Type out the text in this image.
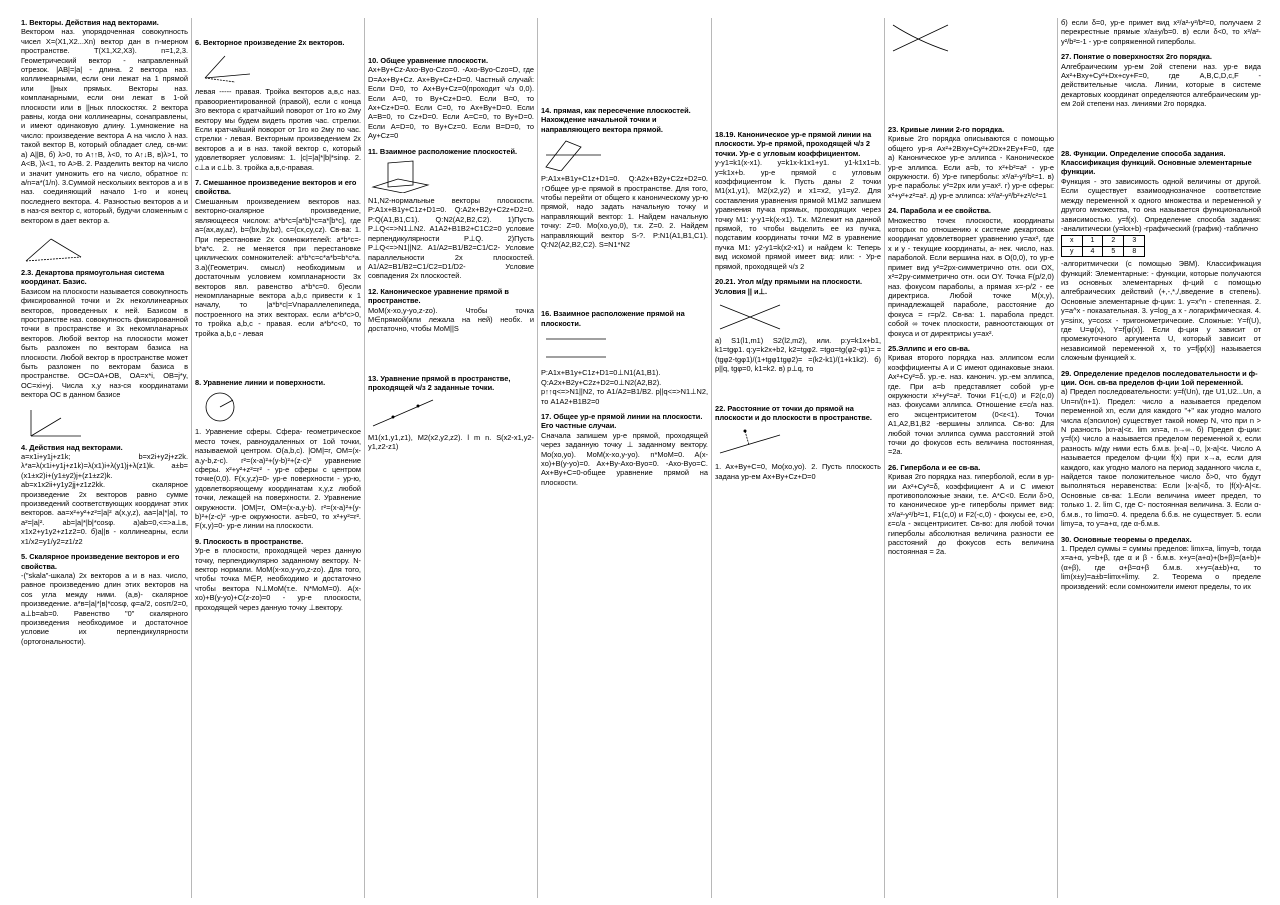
1. Векторы. Действия над векторами.
Вектором наз. упорядоченная совокупность чисел X=(X1,X2...Xn) вектор дан в n-мерном пространстве. T(X1,X2,X3). n=1,2,3. Геометрический вектор - направленный отрезок. |AB|=|a| - длина. 2 вектора наз. коллинеарными, если они лежат на 1 прямой или ||ных прямых. Векторы наз. компланарными, если они лежат в 1-ой плоскости или в ||ных плоскостях. 2 вектора равны, когда они коллинеарны, сонаправлены, и имеют одинаковую длину. 1.умножение на число: произведение вектора A на число λ наз. такой вектор B, который обладает след. св-ми: а) A||B, б) λ>0, то A↑↑B, λ<0, то A↑↓B, в)λ>1, то A<B, )λ<1, то A>B. 2. Разделить вектор на число и значит умножить его на число, обратное n: a/n=a*(1/n). 3.Суммой нескольких векторов a и в наз. соединяющий начало 1-го и конец последнего вектора. 4. Разностью векторов a и в наз-ся вектор c, который, будучи сложенным с вектором в дает вектор a.
2.3. Декартова прямоугольная система координат. Базис.
Базисом на плоскости называется совокупность фиксированной точки и 2х неколлинеарных векторов, проведенных к ней. Базисом в пространстве наз. совокупность фиксированной точки в пространстве и 3х некомпланарных векторов. Любой вектор на плоскости может быть разложен по векторам базиса на плоскости. Любой вектор в пространстве может быть разложен по векторам базиса в пространстве. OC=OA+OB, OA=x*i, OB=j*y, OC=xi+yj. Числа x,y наз-ся координатами вектора OC в данном базисе
4. Действия над векторами.
a=x1i+y1j+z1k; b=x2i+y2j+z2k. λ*a=λ(x1i+y1j+z1k)=λ(x1)i+λ(y1)j+λ(z1)k. a±b=(x1±x2)i+(y1±y2)j+(z1±z2)k. ab=x1x2ii+y1y2jj+z1z2kk. скалярное произведение 2х векторов равно сумме произведений соответствующих координат этих векторов. aa=x²+y²+z²=|a|² a(x,y,z), aa=|a|*|a|, то a²=|a|². ab=|a|*|b|*cosφ. a)ab=0,<=>a⊥в, x1x2+y1y2+z1z2=0. б)a||в - коллинеарны, если x1/x2=y1/y2=z1/z2
5. Скалярное произведение векторов и его свойства.
-("skala"-шкала) 2х векторов a и в наз. число, равное произведению длин этих векторов на cos угла между ними. (a,в)- скалярное произведение. a*в=|a|*|в|*cosφ, φ=a/2, cosπ/2=0, a⊥b=ab=0. Равенство "0" скалярного произведения необходимое и достаточное условие их перпендикулярности (ортогональности).
6. Векторное произведение 2х векторов.
левая ----- правая. Тройка векторов a,в,c наз. правоориентированной (правой), если с конца 3го вектора c кратчайший поворот от 1го ко 2му вектору мы будем видеть против час. стрелки. Если кратчайший поворот от 1го ко 2му по час. стрелки - левая. Векторным произведением 2х векторов a и в наз. такой вектор c, который удовлетворяет условиям: 1. |c|=|a|*|b|*sinφ. 2. c⊥a и c⊥b. 3. тройка a,в,c-правая.
7. Смешанное произведение векторов и его свойства.
Смешанным произведением векторов наз. векторно-скалярное произведение, являющееся числом: a*b*c=[a*b]*c=a*[b*c], где a=(ax,ay,az), b=(bx,by,bz), c=(cx,cy,cz). Св-ва: 1. При перестановке 2х сомножителей: a*b*c=-b*a*c. 2. не меняется при перестановке циклических сомножителей: a*b*c=c*a*b=b*c*a. 3.a)(Геометрич. смысл) необходимым и достаточным условием компланарности 3х векторов явл. равенство a*b*c=0. б)если некомпланарные вектора a,b,c привести к 1 началу, то |a*b*c|=Vпараллелепипеда, построенного на этих векторах. если a*b*c>0, то тройка a,b,c - правая. если a*b*c<0, то тройка a,b,c - левая
8. Уравнение линии и поверхности.
1. Уравнение сферы. Сфера- геометрическое место точек, равноудаленных от 1ой точки, называемой центром. O(a,b,c). |OM|=r, OM=(x-a,y-b,z-c). r²=(x-a)²+(y-b)²+(z-c)² уравнение сферы. x²+y²+z²=r² - ур-е сферы с центром точке(0,0). F(x,y,z)=0- ур-е поверхности - ур-ю, удовлетворяющему координатам x,y,z любой точки, лежащей на поверхности. 2. Уравнение окружности. |OM|=r, OM=(x-a,y-b). r²=(x-a)²+(y-b)²+(z-c)² -ур-е окружности. a=b=0, то x²+y²=r². F(x,y)=0- ур-е линии на плоскости.
9. Плоскость в пространстве.
Ур-е в плоскости, проходящей через данную точку, перпендикулярно заданному вектору. N-вектор нормали. MoM(x-xo,y-yo,z-zo). Для того, чтобы точка M∈P, необходимо и достаточно чтобы вектора N⊥MoM(т.е. N*MoM=0). A(x-xo)+B(y-yo)+C(z-zo)=0 - ур-е плоскости, проходящей через данную точку ⊥вектору.
10. Общее уравнение плоскости.
Ax+By+Cz-Axo-Byo-Czo=0. -Axo-Byo-Czo=D, где D=Ax+By+Cz. Ax+By+Cz+D=0. Частный случай: Если D=0, то Ax+By+Cz=0(проходит ч/з 0,0). Если A=0, то By+Cz+D=0. Если B=0, то Ax+Cz+D=0. Если C=0, то Ax+By+D=0. Если A=B=0, то Cz+D=0. Если A=C=0, то By+D=0. Если A=D=0, то By+Cz=0. Если B=D=0, то Ay+Cz=0
11. Взаимное расположение плоскостей.
N1,N2-нормальные векторы плоскости. P:A1x+B1y+C1z+D1=0. Q:A2x+B2y+C2z+D2=0. P:Q(A1,B1,C1). Q:N2(A2,B2,C2). 1)Пусть P⊥Q<=>N1⊥N2. A1A2+B1B2+C1C2=0 условие перпендикулярности P⊥Q. 2)Пусть P⊥Q<=>N1||N2. A1/A2=B1/B2=C1/C2- Условие параллельности 2х плоскостей. A1/A2=B1/B2=C1/C2=D1/D2- Условие совпадения 2х плоскостей.
12. Каноническое уравнение прямой в пространстве.
MoM(x-xo,y-yo,z-zo). Чтобы точка M∈прямой(или лежала на ней) необх. и достаточно, чтобы MoM||S
13. Уравнение прямой в пространстве, проходящей ч/з 2 заданные точки.
M1(x1,y1,z1), M2(x2,y2,z2). l m n. S(x2-x1,y2-y1,z2-z1)
14. прямая, как пересечение плоскостей. Нахождение начальной точки и направляющего вектора прямой.
P:A1x+B1y+C1z+D1=0. Q:A2x+B2y+C2z+D2=0. ↑Общее ур-е прямой в пространстве. Для того, чтобы перейти от общего к каноническому ур-ю прямой, надо задать начальную точку и направляющий вектор: 1. Найдем начальную точку: Z=0. Mo(xo,yo,0), т.к. Z=0. 2. Найдем направляющий вектор S-?. P:N1(A1,B1,C1). Q:N2(A2,B2,C2). S=N1*N2
16. Взаимное расположение прямой на плоскости.
P:A1x+B1y+C1z+D1=0⊥N1(A1,B1). Q:A2x+B2y+C2z+D2=0⊥N2(A2,B2). p↑↑q<=>N1||N2, то A1/A2=B1/B2. p||q<=>N1⊥N2, то A1A2+B1B2=0
17. Общее ур-е прямой линии на плоскости. Его частные случаи.
Сначала запишем ур-е прямой, проходящей через заданную точку ⊥ заданному вектору. Mo(xo,yo). MoM(x-xo,y-yo). n*MoM=0. A(x-xo)+B(y-yo)=0. Ax+By-Axo-Byo=0. -Axo-Byo=C. Ax+By+C=0-общее уравнение прямой на плоскости.
18.19. Каноническое ур-е прямой линии на плоскости. Ур-е прямой, проходящей ч/з 2 точки. Ур-е с угловым коэффициентом.
y-y1=k1(x-x1). y=k1x-k1x1+y1. y1-k1x1=b. y=k1x+b. ур-е прямой с угловым коэффициентом k. Пусть даны 2 точки M1(x1,y1), M2(x2,y2) и x1=x2, y1=y2. Для составления уравнения прямой M1M2 запишем уравнения пучка прямых, проходящих через точку M1: y-y1=k(x-x1). Т.к. M2лежит на данной прямой, то чтобы выделить ее из пучка, подставим координаты точки M2 в уравнение пучка M1: y2-y1=k(x2-x1) и найдем k: Теперь вид искомой прямой имеет вид: или: - Ур-е прямой, проходящей ч/з 2
20.21. Угол м/ду прямыми на плоскости. Условия || и⊥.
а) S1(l1,m1) S2(l2,m2), или. p:y=k1x+b1, k1=tgφ1. q:y=k2x+b2, k2=tgφ2. =tgα=tg(φ2-φ1)= =(tgφ2-tgφ1)/(1+tgφ1tgφ2)= =(k2-k1)/(1+k1k2). б) p||q, tgφ=0, k1=k2. в) p⊥q, то
22. Расстояние от точки до прямой на плоскости и до плоскости в пространстве.
1. Ax+By+C=0, Mo(xo,yo). 2. Пусть плоскость задана ур-ем Ax+By+Cz+D=0
23. Кривые линии 2-го порядка.
Кривые 2го порядка описываются с помощью общего ур-я Ax²+2Bxy+Cy²+2Dx+2Ey+F=0, где а) Каноническое ур-е эллипса - Каноническое ур-е эллипса. Если a=b, то x²+b²=a² - ур-е окружности. б) Ур-е гиперболы: x²/a²-y²/b²=1. в) ур-е параболы: y²=2px или y=ax². г) ур-е сферы: x²+y²+z²=a². д) ур-е эллипса: x²/a²-y²/b²+z²/c²=1
24. Парабола и ее свойства.
Множество точек плоскости, координаты которых по отношению к системе декартовых координат удовлетворяет уравнению y=ax², где x и y - текущие координаты, a- нек. число, наз. параболой. Если вершина нах. в O(0,0), то ур-е примет вид y²=2px-симметрично отн. оси OX, x²=2py-симметрично отн. оси OY. Точка F(p/2,0) наз. фокусом параболы, а прямая x=-p/2 - ее директриса. Любой точке M(x,y), принадлежащей параболе, расстояние до фокуса = r=p/2. Св-ва: 1. парабола предст. собой ∞ точек плоскости, равноотстающих от фокуса и от директрисы y=ax².
25.Эллипс и его св-ва.
Кривая второго порядка наз. эллипсом если коэффициенты A и C имеют одинаковые знаки. Ax²+Cy²=δ. ур.-е. наз. канонич. ур.-ем эллипса, где. При a=b представляет собой ур-е окружности x²+y²=a². Точки F1(-c,0) и F2(c,0) наз. фокусами эллипса. Отношение ε=c/a наз. его эксцентриситетом (0<ε<1). Точки A1,A2,B1,B2 -вершины эллипса. Св-во: Для любой точки эллипса сумма расстояний этой точки до фокусов есть величина постоянная, =2a.
26. Гипербола и ее св-ва.
Кривая 2го порядка наз. гиперболой, если в ур-ии Ax²+Cy²=δ, коэффициент A и C имеют противоположные знаки, т.е. A*C<0. Если δ>0, то каноническое ур-е гиперболы примет вид: x²/a²-y²/b²=1, F1(c,0) и F2(-c,0) - фокусы ее, ε>0, ε=c/a - эксцентриситет. Св-во: для любой точки гиперболы абсолютная величина разности ее расстояний до фокусов есть величина постоянная = 2a.
б) если δ=0, ур-е примет вид x²/a²-y²/b²=0, получаем 2 перекрестные прямые x/a±y/b=0. в) если δ<0, то x²/a²-y²/b²=-1 - ур-е сопряженной гиперболы.
27. Понятие о поверхностях 2го порядка.
Алгебраическим ур-ем 2ой степени наз. ур-е вида Ax²+Bxy+Cy²+Dx+cy+F=0, где A,B,C,D,c,F - действительные числа. Линии, которые в системе декартовых координат определяются алгебраическим ур-ем 2ой степени наз. линиями 2го порядка.
28. Функции. Определение способа задания. Классификация функций. Основные элементарные функции.
Функция - это зависимость одной величины от другой. Если существует взаимооднозначное соответствие между переменной x одного множества и переменной у другого множества, то она называется функциональной зависимостью. y=f(x). Определение способа задания: -аналитически (y=kx+b) -графический (график) -таблично
x	1	2	3
y	4	5	8
-алгоритмически (с помощью ЭВМ). Классификация функций: Элементарные: - функции, которые получаются из основных элементарных ф-ций с помощью алгебраических действий (+,-,*,/,введение в степень). Основные элементарные ф-ции: 1. y=x^n - степенная. 2. y=a^x - показательная. 3. y=log_a x - логарифмическая. 4. y=sinx, y=cosx - тригонометрические. Сложные: Y=f(U), где U=φ(x), Y=f[φ(x)]. Если ф-ция y зависит от промежуточного аргумента U, который зависит от независимой переменной x, то y=f[φ(x)] называется сложным функцией x.
29. Определение пределов последовательности и ф-ции. Осн. св-ва пределов ф-ции 1ой переменной.
а) Предел последовательности: y=f(Un), где U1,U2...Un, a Un=n/(n+1). Предел: число a называется пределом переменной xn, если для каждого "+" как угодно малого числа ε(эпсилон) существует такой номер N, что при n > N разность |xn-a|<ε. lim xn=a, n→∞. б) Предел ф-ции: y=f(x) число a называется пределом переменной x, если разность м/ду ними есть б.м.в. |x-a|→0, |x-a|<ε. Число A называется пределом ф-ции f(x) при x→a, если для каждого, как угодно малого на период заданного числа ε, найдется такое положительное число δ>0, что будут выполняться неравенства: Если |x-a|<δ, то |f(x)-A|<ε. Основные св-ва: 1.Если величина имеет предел, то только 1. 2. lim C, где C- постоянная величина. 3. Если α-б.м.в., то limα=0. 4. предела б.б.в. не существует. 5. если limy=a, то y=a+α, где α-б.м.в.
30. Основные теоремы о пределах.
1. Предел суммы = суммы пределов: limx=a, limy=b, тогда x=a+α, y=b+β, где α и β - б.м.в. x+y=(a+α)+(b+β)=(a+b)+(α+β), где α+β=α+β б.м.в. x+y=(a±b)+α, то lim(x±y)=a±b=limx+limy. 2. Теорема о пределе произвдений: если сомножители имеют пределы, то их
